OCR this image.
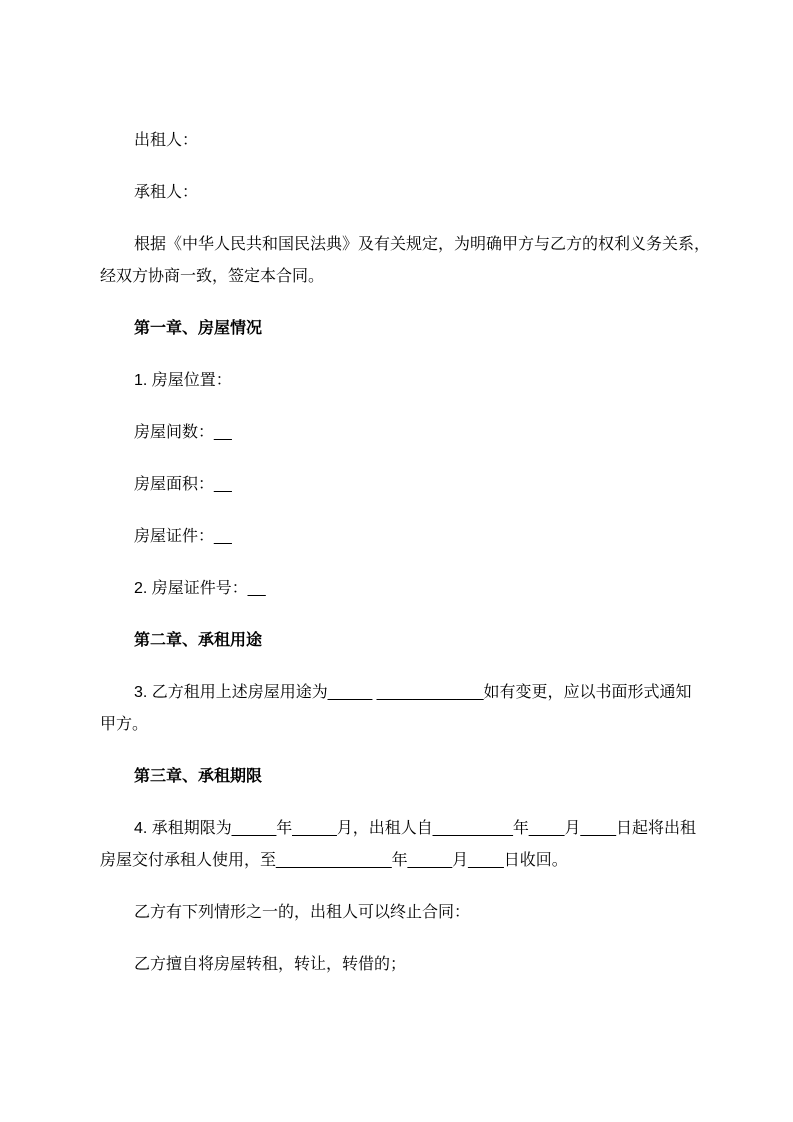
出租人：
承租人：
根据《中华人民共和国民法典》及有关规定，为明确甲方与乙方的权利义务关系，
经双方协商一致，签定本合同。
第一章、房屋情况
1. 房屋位置：
房屋间数：__
房屋面积：__
房屋证件：__
2. 房屋证件号：__
第二章、承租用途
3. 乙方租用上述房屋用途为_____ ____________如有变更，应以书面形式通知
甲方。
第三章、承租期限
4. 承租期限为_____年_____月，出租人自_________年____月____日起将出租
房屋交付承租人使用，至_____________年_____月____日收回。
乙方有下列情形之一的，出租人可以终止合同：
乙方擅自将房屋转租，转让，转借的；
